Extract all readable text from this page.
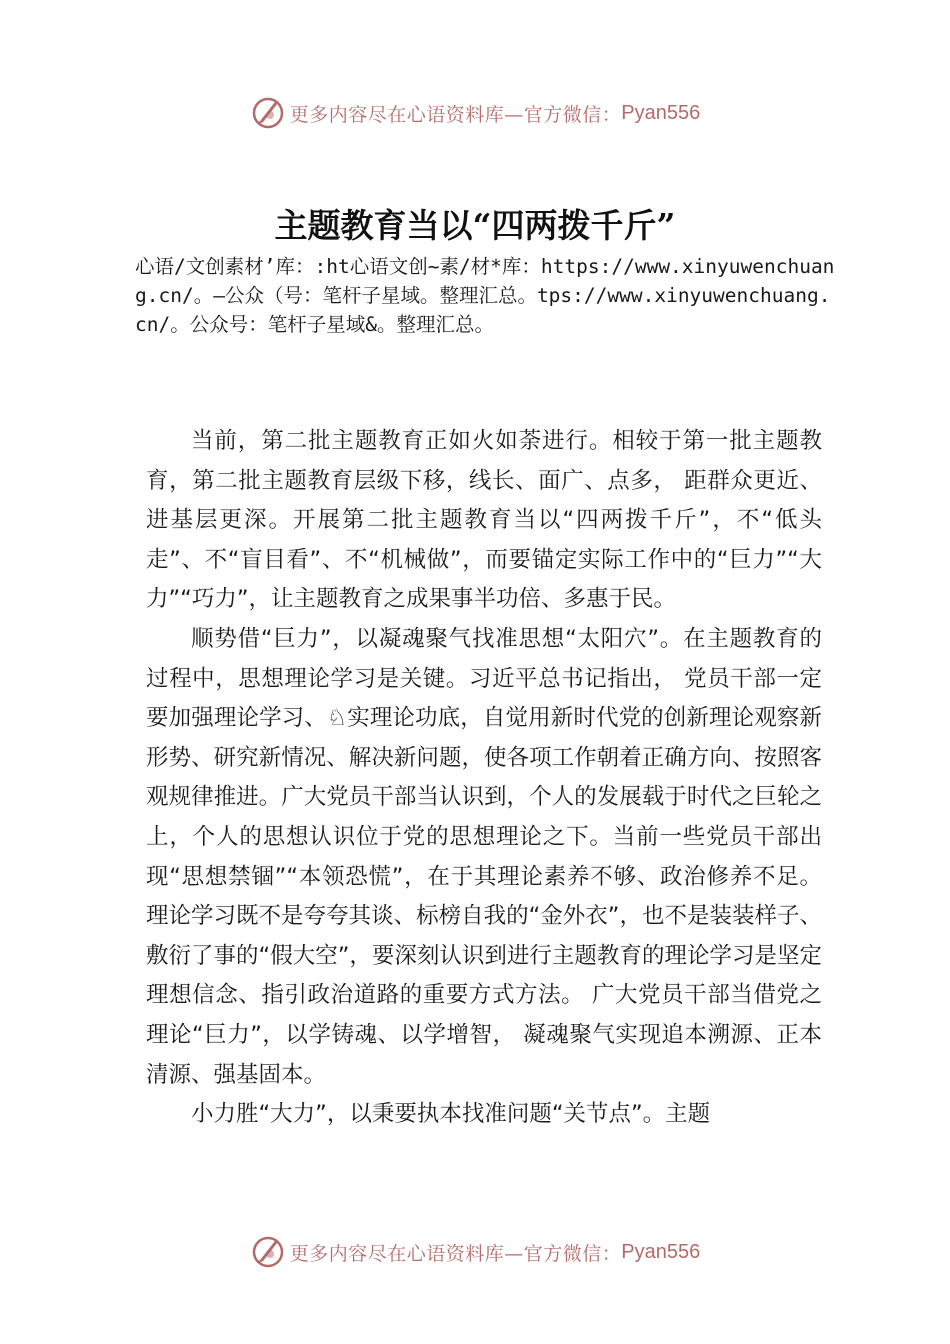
更多内容尽在心语资料库—官方微信： Pyan556
主题教育当以“四两拨千斤”
心语/文创素材’库：:ht心语文创~素/材*库：https://www.xinyuwenchuang.cn/。—公众（号：笔杆子星域。整理汇总。tps://www.xinyuwenchuang.cn/。公众号：笔杆子星域&。整理汇总。

当前，第二批主题教育正如火如荼进行。相较于第一批主题教育，第二批主题教育层级下移，线长、面广、点多， 距群众更近、进基层更深。开展第二批主题教育当以“四两拨千斤”，不“低头走”、不“盲目看”、不“机械做”，而要锚定实际工作中的“巨力”“大力”“巧力”，让主题教育之成果事半功倍、多惠于民。

顺势借“巨力”，以凝魂聚气找准思想“太阳穴”。在主题教育的过程中，思想理论学习是关键。习近平总书记指出， 党员干部一定要加强理论学习、♘实理论功底，自觉用新时代党的创新理论观察新形势、研究新情况、解决新问题，使各项工作朝着正确方向、按照客观规律推进。广大党员干部当认识到，个人的发展载于时代之巨轮之上，个人的思想认识位于党的思想理论之下。当前一些党员干部出现“思想禁锢”“本领恐慌”，在于其理论素养不够、政治修养不足。理论学习既不是夸夸其谈、标榜自我的“金外衣”，也不是装装样子、敷衍了事的“假大空”，要深刻认识到进行主题教育的理论学习是坚定理想信念、指引政治道路的重要方式方法。 广大党员干部当借党之理论“巨力”，以学铸魂、以学增智， 凝魂聚气实现追本溯源、正本清源、强基固本。

小力胜“大力”，以秉要执本找准问题“关节点”。主题

更多内容尽在心语资料库—官方微信： Pyan556
